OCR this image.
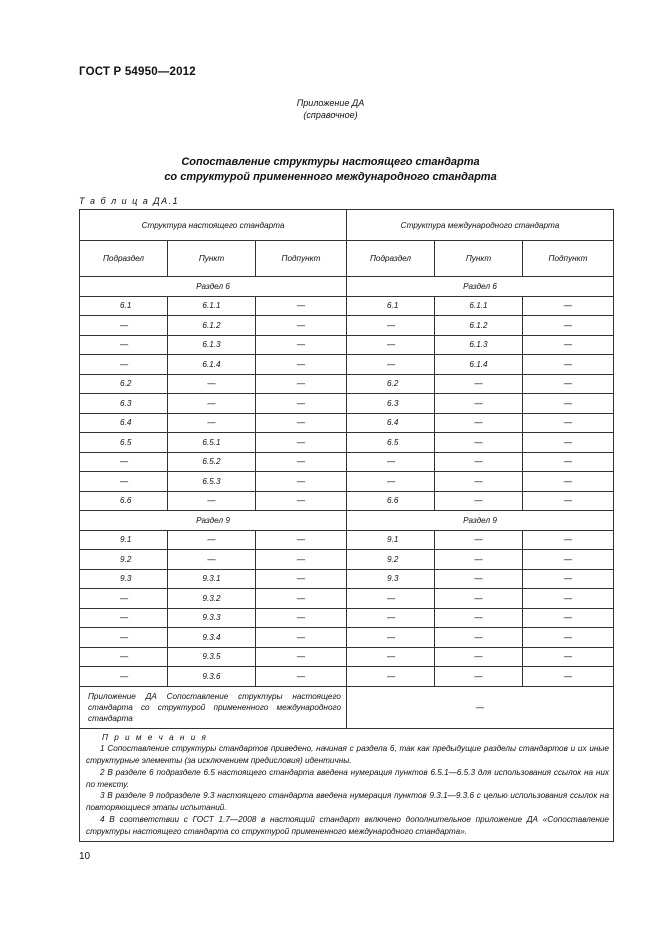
ГОСТ Р 54950—2012
Приложение ДА
(справочное)
Сопоставление структуры настоящего стандарта
со структурой примененного международного стандарта
Т а б л и ц а ДА.1
Структура настоящего стандарта			Структура международного стандарта		
Подраздел	Пункт	Подпункт	Подраздел	Пункт	Подпункт
Раздел 6			Раздел 6		
6.1	6.1.1	—	6.1	6.1.1	—
—	6.1.2	—	—	6.1.2	—
—	6.1.3	—	—	6.1.3	—
—	6.1.4	—	—	6.1.4	—
6.2	—	—	6.2	—	—
6.3	—	—	6.3	—	—
6.4	—	—	6.4	—	—
6.5	6.5.1	—	6.5	—	—
—	6.5.2	—	—	—	—
—	6.5.3	—	—	—	—
6.6	—	—	6.6	—	—
Раздел 9			Раздел 9		
9.1	—	—	9.1	—	—
9.2	—	—	9.2	—	—
9.3	9.3.1	—	9.3	—	—
—	9.3.2	—	—	—	—
—	9.3.3	—	—	—	—
—	9.3.4	—	—	—	—
—	9.3.5	—	—	—	—
—	9.3.6	—	—	—	—
Приложение ДА Сопоставление структуры настоящего стандарта со структурой примененного международного стандарта			—		

П р и м е ч а н и я
1 Сопоставление структуры стандартов приведено, начиная с раздела 6, так как предыдущие разделы стандартов и их иные структурные элементы (за исключением предисловия) идентичны.
2 В разделе 6 подразделе 6.5 настоящего стандарта введена нумерация пунктов 6.5.1—6.5.3 для использования ссылок на них по тексту.
3 В разделе 9 подразделе 9.3 настоящего стандарта введена нумерация пунктов 9.3.1—9.3.6 с целью использования ссылок на повторяющиеся этапы испытаний.
4 В соответствии с ГОСТ 1.7—2008 в настоящий стандарт включено дополнительное приложение ДА «Сопоставление структуры настоящего стандарта со структурой примененного международного стандарта».					
10
